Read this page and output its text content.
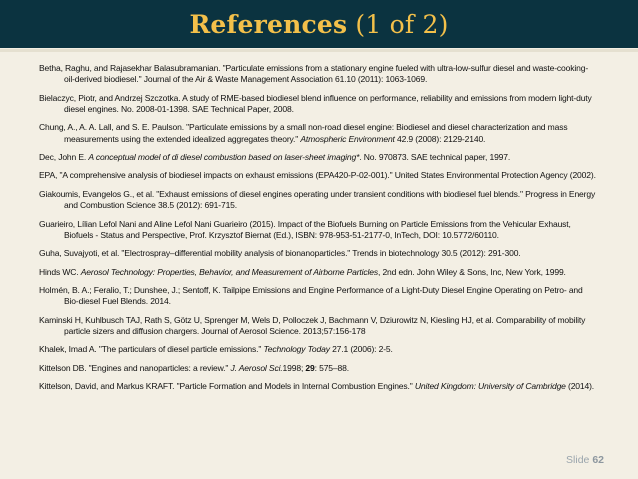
References (1 of 2)

Betha, Raghu, and Rajasekhar Balasubramanian. "Particulate emissions from a stationary engine fueled with ultra-low-sulfur diesel and waste-cooking-oil-derived biodiesel." Journal of the Air & Waste Management Association 61.10 (2011): 1063-1069.

Bielaczyc, Piotr, and Andrzej Szczotka. A study of RME-based biodiesel blend influence on performance, reliability and emissions from modern light-duty diesel engines. No. 2008-01-1398. SAE Technical Paper, 2008.

Chung, A., A. A. Lall, and S. E. Paulson. "Particulate emissions by a small non-road diesel engine: Biodiesel and diesel characterization and mass measurements using the extended idealized aggregates theory." Atmospheric Environment 42.9 (2008): 2129-2140.

Dec, John E. A conceptual model of di diesel combustion based on laser-sheet imaging*. No. 970873. SAE technical paper, 1997.

EPA, "A comprehensive analysis of biodiesel impacts on exhaust emissions (EPA420-P-02-001)." United States Environmental Protection Agency (2002).

Giakoumis, Evangelos G., et al. "Exhaust emissions of diesel engines operating under transient conditions with biodiesel fuel blends." Progress in Energy and Combustion Science 38.5 (2012): 691-715.

Guarieiro, Lílian Lefol Nani and Aline Lefol Nani Guarieiro (2015). Impact of the Biofuels Burning on Particle Emissions from the Vehicular Exhaust, Biofuels - Status and Perspective, Prof. Krzysztof Biernat (Ed.), ISBN: 978-953-51-2177-0, InTech, DOI: 10.5772/60110.

Guha, Suvajyoti, et al. "Electrospray–differential mobility analysis of bionanoparticles." Trends in biotechnology 30.5 (2012): 291-300.

Hinds WC. Aerosol Technology: Properties, Behavior, and Measurement of Airborne Particles, 2nd edn. John Wiley & Sons, Inc, New York, 1999.

Holmén, B. A.; Feralio, T.; Dunshee, J.; Sentoff, K. Tailpipe Emissions and Engine Performance of a Light-Duty Diesel Engine Operating on Petro- and Bio-diesel Fuel Blends. 2014.

Kaminski H, Kuhlbusch TAJ, Rath S, Götz U, Sprenger M, Wels D, Polloczek J, Bachmann V, Dziurowitz N, Kiesling HJ, et al. Comparability of mobility particle sizers and diffusion chargers. Journal of Aerosol Science. 2013;57:156-178

Khalek, Imad A. "The particulars of diesel particle emissions." Technology Today 27.1 (2006): 2-5.

Kittelson DB. "Engines and nanoparticles: a review." J. Aerosol Sci.1998; 29: 575–88.

Kittelson, David, and Markus KRAFT. "Particle Formation and Models in Internal Combustion Engines." United Kingdom: University of Cambridge (2014).

Slide 62
